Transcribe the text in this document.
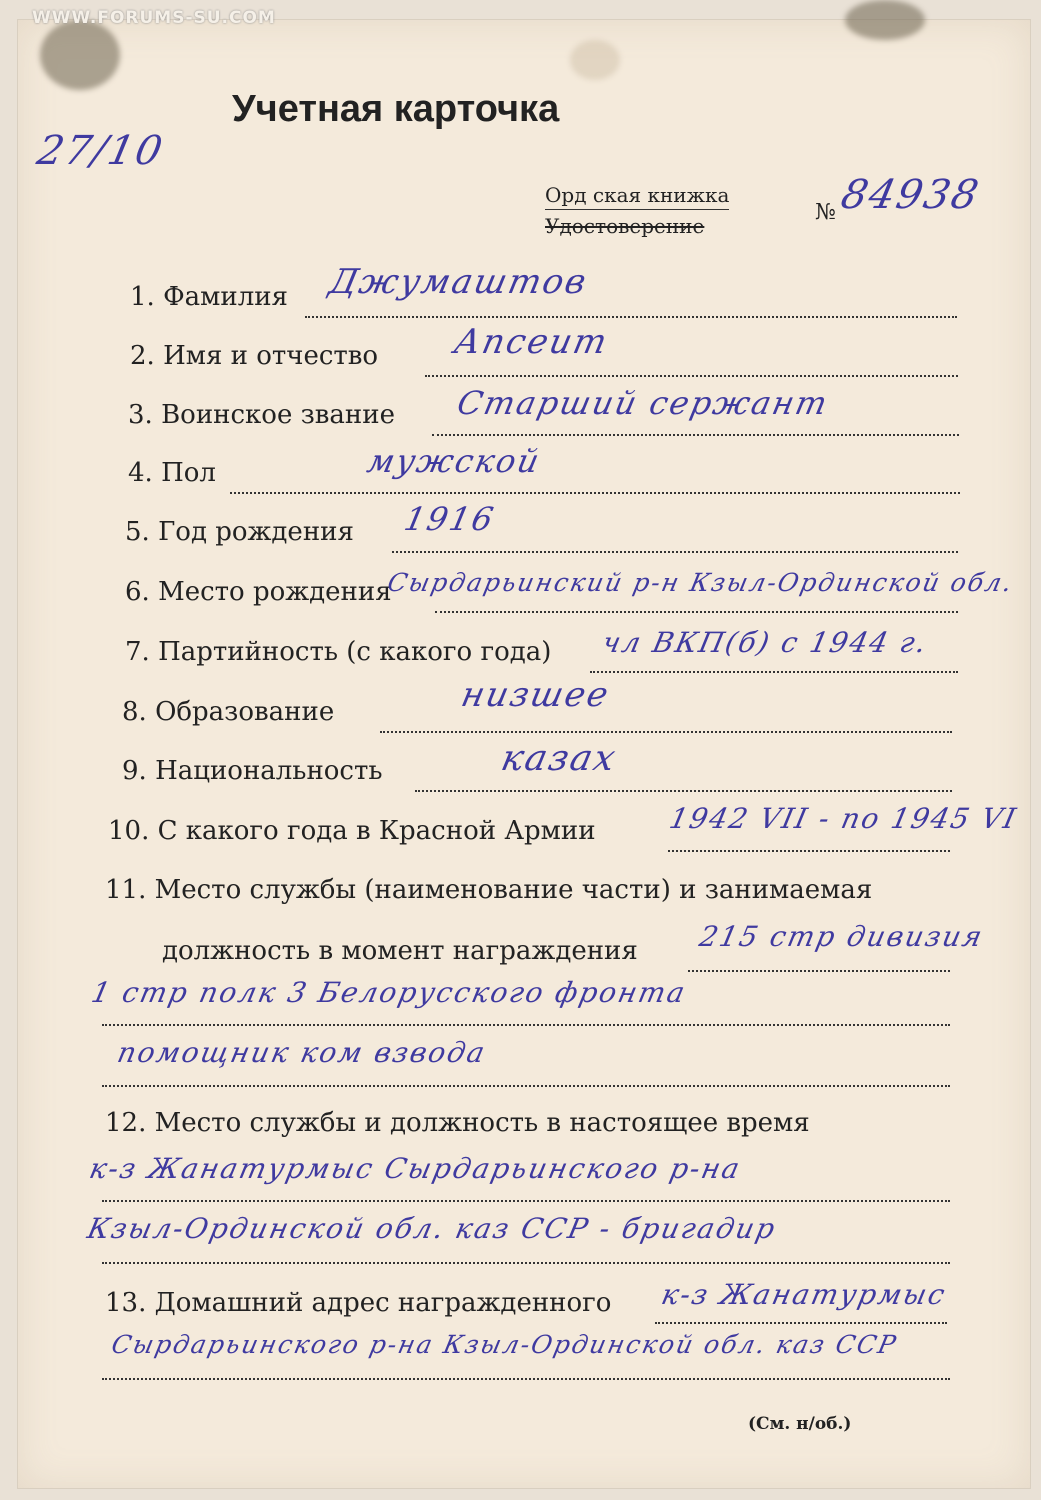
WWW.FORUMS-SU.COM
Учетная карточка
27/10
Орд ская книжка
Удостоверение
№ 84938
1. Фамилия Джумаштов
2. Имя и отчество Апсеит
3. Воинское звание Старший сержант
4. Пол	мужской
5. Год рождения 1916
6. Место рождения
Сырдарьинский р-н Кзыл-Ординской обл.
7. Партийность (с какого года) чл ВКП(б) с 1944 г.
8. Образование	низшее
9. Национальность	казах
10. С какого года в Красной Армии	1942 VII - по 1945 VI
11. Место службы (наименование части) и занимаемая
должность в момент награждения 215 стр дивизия
1 стр полк 3 Белорусского фронта
помощник ком взвода
12. Место службы и должность в настоящее время
к-з Жанатурмыс Сырдарьинского р-на
Кзыл-Ординской обл. каз ССР - бригадир
13. Домашний адрес награжденного к-з Жанатурмыс
Сырдарьинского р-на Кзыл-Ординской обл. каз ССР
(См. н/об.)
